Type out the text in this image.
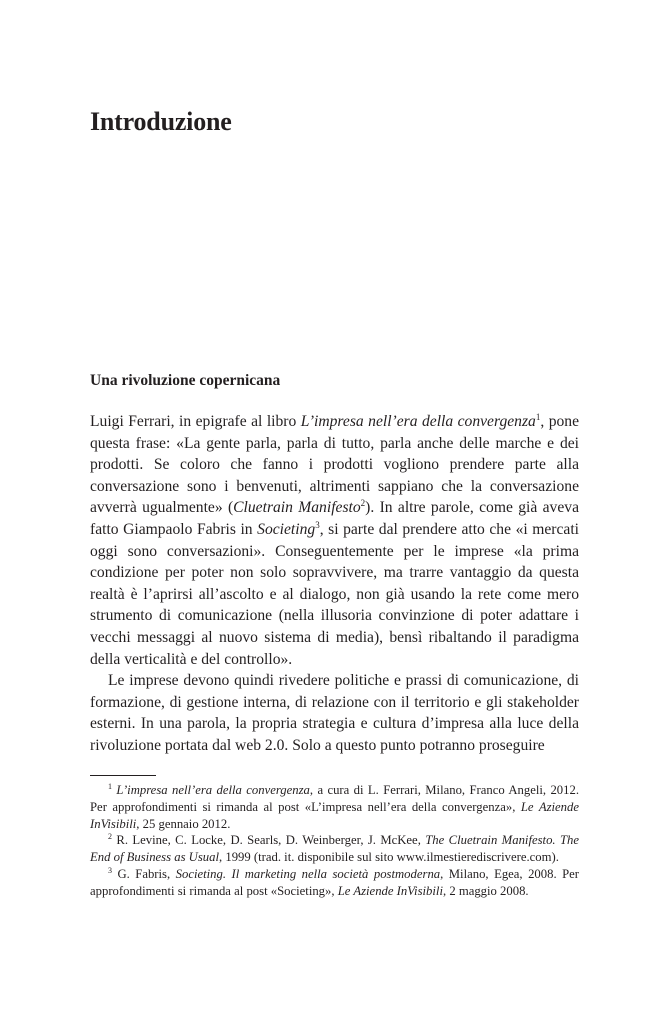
Introduzione
Una rivoluzione copernicana

Luigi Ferrari, in epigrafe al libro L’impresa nell’era della convergenza$^1$, pone questa frase: «La gente parla, parla di tutto, parla anche delle marche e dei prodotti. Se coloro che fanno i prodotti vogliono prendere parte alla conversazione sono i benvenuti, altrimenti sappiano che la conversazione avverrà ugualmente» (Cluetrain Manifesto$^2$). In altre parole, come già aveva fatto Giampaolo Fabris in Societing$^3$, si parte dal prendere atto che «i mercati oggi sono conversazioni». Conseguentemente per le imprese «la prima condizione per poter non solo sopravvivere, ma trarre vantaggio da questa realtà è l’aprirsi all’ascolto e al dialogo, non già usando la rete come mero strumento di comunicazione (nella illusoria convinzione di poter adattare i vecchi messaggi al nuovo sistema di media), bensì ribaltando il paradigma della verticalità e del controllo».

Le imprese devono quindi rivedere politiche e prassi di comunicazione, di formazione, di gestione interna, di relazione con il territorio e gli stakeholder esterni. In una parola, la propria strategia e cultura d’impresa alla luce della rivoluzione portata dal web 2.0. Solo a questo punto potranno proseguire

$^1$ L’impresa nell’era della convergenza, a cura di L. Ferrari, Milano, Franco Angeli, 2012. Per approfondimenti si rimanda al post «L’impresa nell’era della convergenza», Le Aziende InVisibili, 25 gennaio 2012.

$^2$ R. Levine, C. Locke, D. Searls, D. Weinberger, J. McKee, The Cluetrain Manifesto. The End of Business as Usual, 1999 (trad. it. disponibile sul sito www.ilmestierediscrivere.com).

$^3$ G. Fabris, Societing. Il marketing nella società postmoderna, Milano, Egea, 2008. Per approfondimenti si rimanda al post «Societing», Le Aziende InVisibili, 2 maggio 2008.
